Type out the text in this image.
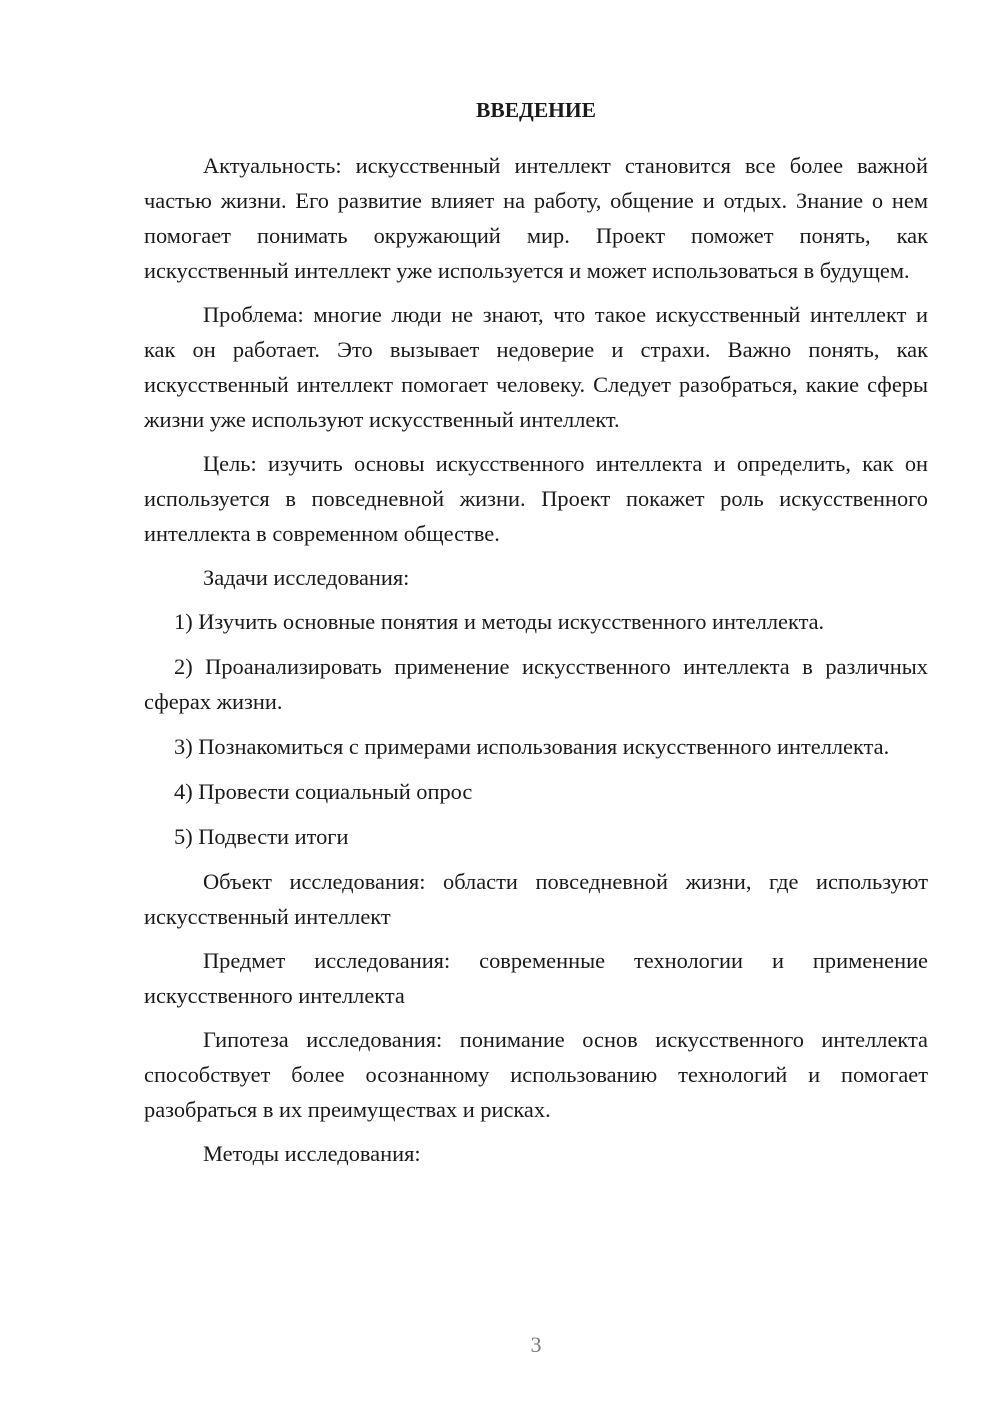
ВВЕДЕНИЕ

Актуальность: искусственный интеллект становится все более важной частью жизни. Его развитие влияет на работу, общение и отдых. Знание о нем помогает понимать окружающий мир. Проект поможет понять, как искусственный интеллект уже используется и может использоваться в будущем.

Проблема: многие люди не знают, что такое искусственный интеллект и как он работает. Это вызывает недоверие и страхи. Важно понять, как искусственный интеллект помогает человеку. Следует разобраться, какие сферы жизни уже используют искусственный интеллект.

Цель: изучить основы искусственного интеллекта и определить, как он используется в повседневной жизни. Проект покажет роль искусственного интеллекта в современном обществе.

Задачи исследования:

1) Изучить основные понятия и методы искусственного интеллекта.

2) Проанализировать применение искусственного интеллекта в различных сферах жизни.

3) Познакомиться с примерами использования искусственного интеллекта.

4) Провести социальный опрос

5) Подвести итоги

Объект исследования: области повседневной жизни, где используют искусственный интеллект

Предмет исследования: современные технологии и применение искусственного интеллекта

Гипотеза исследования: понимание основ искусственного интеллекта способствует более осознанному использованию технологий и помогает разобраться в их преимуществах и рисках.

Методы исследования:

3
